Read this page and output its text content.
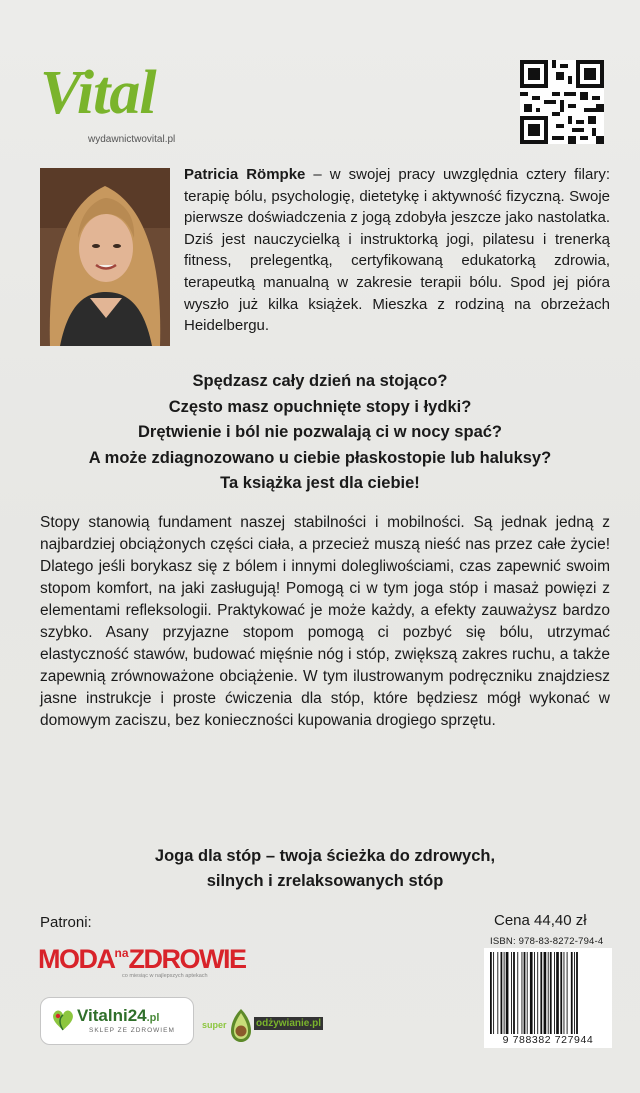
Vital
wydawnictwovital.pl
Patricia Römpke – w swojej pracy uwzględnia cztery filary: terapię bólu, psychologię, dietetykę i aktywność fizyczną. Swoje pierwsze doświadczenia z jogą zdobyła jeszcze jako nastolatka. Dziś jest nauczycielką i instruktorką jogi, pilatesu i trenerką fitness, prelegentką, certyfikowaną edukatorką zdrowia, terapeutką manualną w zakresie terapii bólu. Spod jej pióra wyszło już kilka książek. Mieszka z rodziną na obrzeżach Heidelbergu.
Spędzasz cały dzień na stojąco?
Często masz opuchnięte stopy i łydki?
Drętwienie i ból nie pozwalają ci w nocy spać?
A może zdiagnozowano u ciebie płaskostopie lub haluksy?
Ta książka jest dla ciebie!
Stopy stanowią fundament naszej stabilności i mobilności. Są jednak jedną z najbardziej obciążonych części ciała, a przecież muszą nieść nas przez całe życie! Dlatego jeśli borykasz się z bólem i innymi dolegliwościami, czas zapewnić swoim stopom komfort, na jaki zasługują! Pomogą ci w tym joga stóp i masaż powięzi z elementami refleksologii. Praktykować je może każdy, a efekty zauważysz bardzo szybko. Asany przyjazne stopom pomogą ci pozbyć się bólu, utrzymać elastyczność stawów, budować mięśnie nóg i stóp, zwiększą zakres ruchu, a także zapewnią zrównoważone obciążenie. W tym ilustrowanym podręczniku znajdziesz jasne instrukcje i proste ćwiczenia dla stóp, które będziesz mógł wykonać w domowym zaciszu, bez konieczności kupowania drogiego sprzętu.
Joga dla stóp – twoja ścieżka do zdrowych,
silnych i zrelaksowanych stóp
Patroni:
$MODA^{na}ZDROWIE$
co miesiąc w najlepszych aptekach
Vitalni24.pl
SKLEP ZE ZDROWIEM
super	odżywianie.pl
Cena 44,40 zł
ISBN: 978-83-8272-794-4
9 788382 727944
